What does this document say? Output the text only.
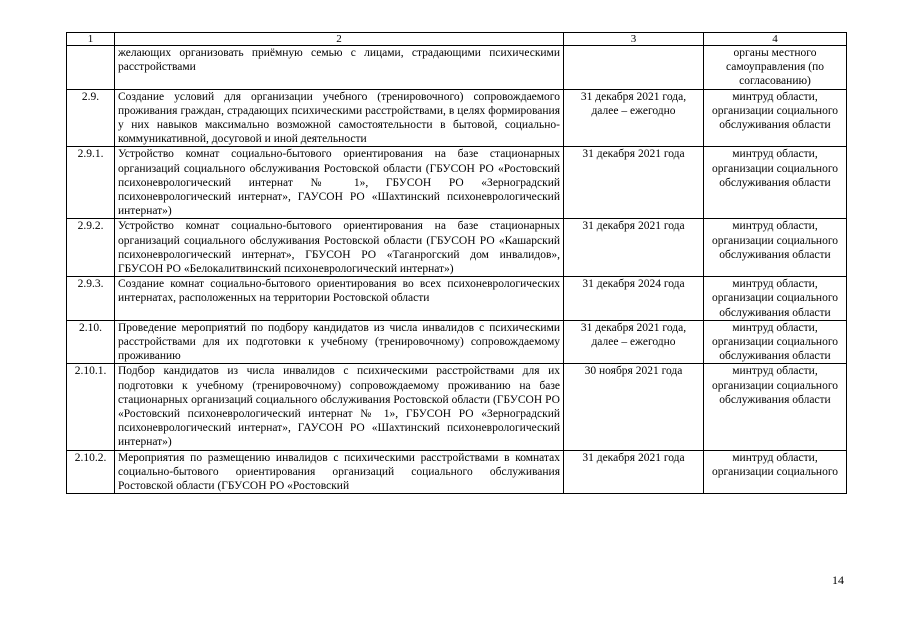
1	2	3	4
	желающих организовать приёмную семью с лицами, страдающими психическими расстройствами		органы местного самоуправления (по согласованию)
2.9.	Создание условий для организации учебного (тренировочного) сопровождаемого проживания граждан, страдающих психическими расстройствами, в целях формирования у них навыков максимально возможной самостоятельности в бытовой, социально-коммуникативной, досуговой и иной деятельности	31 декабря 2021 года, далее – ежегодно	минтруд области, организации социального обслуживания области
2.9.1.	Устройство комнат социально-бытового ориентирования на базе стационарных организаций социального обслуживания Ростовской области (ГБУСОН РО «Ростовский психоневрологический интернат № 1», ГБУСОН РО «Зерноградский психоневрологический интернат», ГАУСОН РО «Шахтинский психоневрологический интернат»)	31 декабря 2021 года	минтруд области, организации социального обслуживания области
2.9.2.	Устройство комнат социально-бытового ориентирования на базе стационарных организаций социального обслуживания Ростовской области (ГБУСОН РО «Кашарский психоневрологический интернат», ГБУСОН РО «Таганрогский дом инвалидов», ГБУСОН РО «Белокалитвинский психоневрологический интернат»)	31 декабря 2021 года	минтруд области, организации социального обслуживания области
2.9.3.	Создание комнат социально-бытового ориентирования во всех психоневрологических интернатах, расположенных на территории Ростовской области	31 декабря 2024 года	минтруд области, организации социального обслуживания области
2.10.	Проведение мероприятий по подбору кандидатов из числа инвалидов с психическими расстройствами для их подготовки к учебному (тренировочному) сопровождаемому проживанию	31 декабря 2021 года, далее – ежегодно	минтруд области, организации социального обслуживания области
2.10.1.	Подбор кандидатов из числа инвалидов с психическими расстройствами для их подготовки к учебному (тренировочному) сопровождаемому проживанию на базе стационарных организаций социального обслуживания Ростовской области (ГБУСОН РО «Ростовский психоневрологический интернат № 1», ГБУСОН РО «Зерноградский психоневрологический интернат», ГАУСОН РО «Шахтинский психоневрологический интернат»)	30 ноября 2021 года	минтруд области, организации социального обслуживания области
2.10.2.	Мероприятия по размещению инвалидов с психическими расстройствами в комнатах социально-бытового ориентирования организаций социального обслуживания Ростовской области (ГБУСОН РО «Ростовский	31 декабря 2021 года	минтруд области, организации социального
14
